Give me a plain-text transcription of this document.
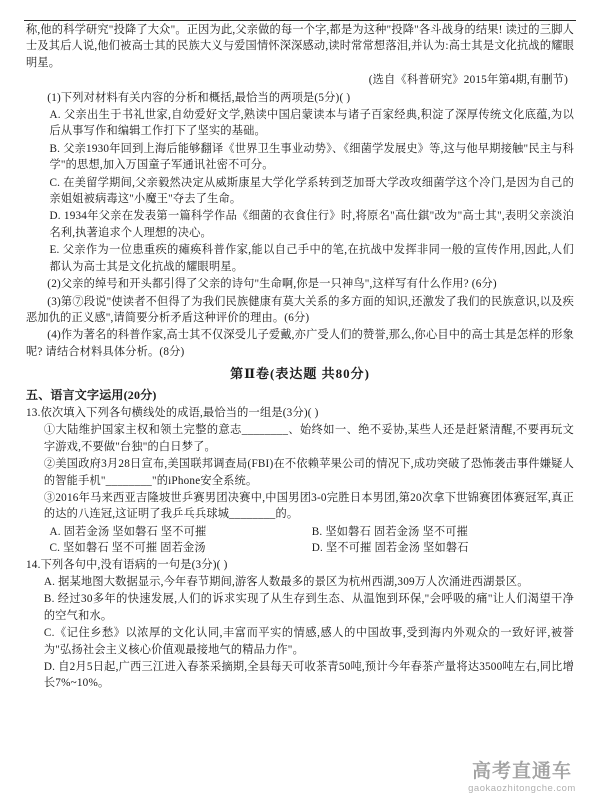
称,他的科学研究"投降了大众"。正因为此,父亲做的每一个字,都是为这种"投降"各斗战身的结果! 读过的三脚人士及其后人说,他们被高士其的民族大义与爱国情怀深深感动,读时常常想落泪,并认为:高士其是文化抗战的耀眼明星。

(选自《科普研究》2015年第4期,有删节)

(1)下列对材料有关内容的分析和概括,最恰当的两项是(5分)( )

A. 父亲出生于书礼世家,自幼爱好文学,熟读中国启蒙读本与诸子百家经典,积淀了深厚传统文化底蕴,为以后从事写作和编辑工作打下了坚实的基础。

B. 父亲1930年回到上海后能够翻译《世界卫生事业动势》、《细菌学发展史》等,这与他早期接触"民主与科学"的思想,加入万国童子军通讯社密不可分。

C. 在美留学期间,父亲毅然决定从威斯康星大学化学系转到芝加哥大学改攻细菌学这个冷门,是因为自己的亲姐姐被病毒这"小魔王"夺去了生命。

D. 1934年父亲在发表第一篇科学作品《细菌的衣食住行》时,将原名"高仕錤"改为"高士其",表明父亲淡泊名利,执著追求个人理想的决心。

E. 父亲作为一位患重疾的瘫痪科普作家,能以自己手中的笔,在抗战中发挥非同一般的宣传作用,因此,人们都认为高士其是文化抗战的耀眼明星。

(2)父亲的绰号和开头都引得了父亲的诗句"生命啊,你是一只神鸟",这样写有什么作用? (6分)

(3)第⑦段说"使读者不但得了为我们民族健康有莫大关系的多方面的知识,还激发了我们的民族意识,以及疾恶加仇的正义感",请简要分析矛盾这种评价的理由。(6分)

(4)作为著名的科普作家,高士其不仅深受儿子爱戴,亦广受人们的赞誉,那么,你心目中的高士其是怎样的形象呢? 请结合材料具体分析。(8分)

第Ⅱ卷(表达题 共80分)

五、语言文字运用(20分)

13.依次填入下列各句横线处的成语,最恰当的一组是(3分)( )

①大陆维护国家主权和领土完整的意志________、始终如一、绝不妥协,某些人还是赶紧清醒,不要再玩文字游戏,不要做"台独"的白日梦了。

②美国政府3月28日宣布,美国联邦调查局(FBI)在不依赖苹果公司的情况下,成功突破了恐怖袭击事件嫌疑人的智能手机"________"的iPhone安全系统。

③2016年马来西亚吉隆坡世乒赛男团决赛中,中国男团3-0完胜日本男团,第20次拿下世锦赛团体赛冠军,真正的达的八连冠,这证明了我乒乓兵球城________的。

A. 固若金汤 坚如磐石 坚不可摧	B. 坚如磐石 固若金汤 坚不可摧
C. 坚如磐石 坚不可摧 固若金汤	D. 坚不可摧 固若金汤 坚如磐石

14.下列各句中,没有语病的一句是(3分)( )

A. 据某地图大数据显示,今年春节期间,游客人数最多的景区为杭州西湖,309万人次涌进西湖景区。

B. 经过30多年的快速发展,人们的诉求实现了从生存到生态、从温饱到环保,"会呼吸的痛"让人们渴望干净的空气和水。

C.《记住乡愁》以浓厚的文化认同,丰富而平实的情感,感人的中国故事,受到海内外观众的一致好评,被誉为"弘扬社会主义核心价值观最接地气的精品力作"。

D. 自2月5日起,广西三江进入春茶采摘期,全县每天可收茶青50吨,预计今年春茶产量将达3500吨左右,同比增长7%~10%。

高考直通车
gaokaozhitongche.com
